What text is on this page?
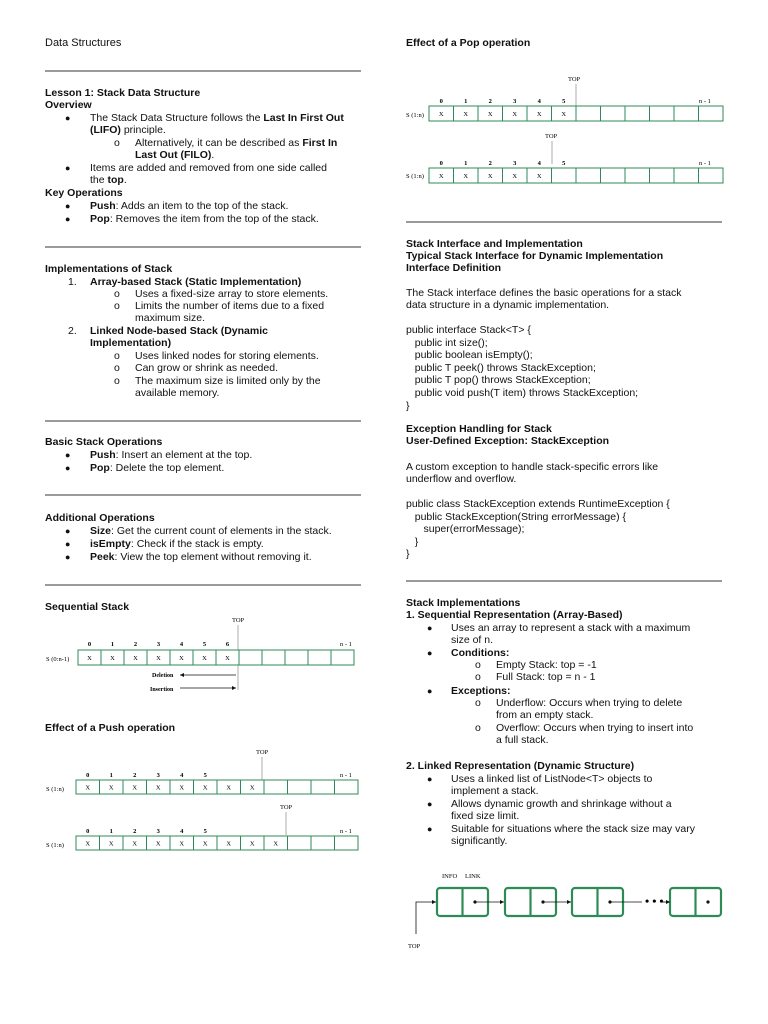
Data Structures
Lesson 1: Stack Data Structure
Overview
● The Stack Data Structure follows the Last In First Out
(LIFO) principle.
o Alternatively, it can be described as First In
Last Out (FILO).
● Items are added and removed from one side called
the top.
Key Operations
● Push: Adds an item to the top of the stack.
● Pop: Removes the item from the top of the stack.
Implementations of Stack
1. Array-based Stack (Static Implementation)
o Uses a fixed-size array to store elements.
o Limits the number of items due to a fixed
maximum size.
2. Linked Node-based Stack (Dynamic
Implementation)
o Uses linked nodes for storing elements.
o Can grow or shrink as needed.
o The maximum size is limited only by the
available memory.
Basic Stack Operations
● Push: Insert an element at the top.
● Pop: Delete the top element.
Additional Operations
● Size: Get the current count of elements in the stack.
● isEmpty: Check if the stack is empty.
● Peek: View the top element without removing it.
Sequential Stack
TOP
0	1	2	3	4	5	6	n - 1
S (0:n-1)	X	X	X	X	X	X	X
Deletion
Insertion
Effect of a Push operation
TOP
0	1	2	3	4	5	n - 1
S (1:n)	X	X	X	X	X	X	X	X
TOP
0	1	2	3	4	5	n - 1
S (1:n)	X	X	X	X	X	X	X	X	X
Effect of a Pop operation
TOP
0	1	2	3	4	5	n - 1
S (1:n) X	X	X	X	X	X
TOP
0	1	2	3	4	5	n - 1
S (1:n) X	X	X	X	X
Stack Interface and Implementation
Typical Stack Interface for Dynamic Implementation
Interface Definition
The Stack interface defines the basic operations for a stack
data structure in a dynamic implementation.
public interface Stack<T> {
public int size();
public boolean isEmpty();
public T peek() throws StackException;
public T pop() throws StackException;
public void push(T item) throws StackException;
}
Exception Handling for Stack
User-Defined Exception: StackException
A custom exception to handle stack-specific errors like
underflow and overflow.
public class StackException extends RuntimeException {
public StackException(String errorMessage) {
super(errorMessage);
}
}
Stack Implementations
1. Sequential Representation (Array-Based)
● Uses an array to represent a stack with a maximum
size of n.
● Conditions:
o Empty Stack: top = -1
o Full Stack: top = n - 1
● Exceptions:
o Underflow: Occurs when trying to delete
from an empty stack.
o Overflow: Occurs when trying to insert into
a full stack.
2. Linked Representation (Dynamic Structure)
● Uses a linked list of ListNode<T> objects to
implement a stack.
● Allows dynamic growth and shrinkage without a
fixed size limit.
● Suitable for situations where the stack size may vary
significantly.
INFO LINK
• • •
TOP
